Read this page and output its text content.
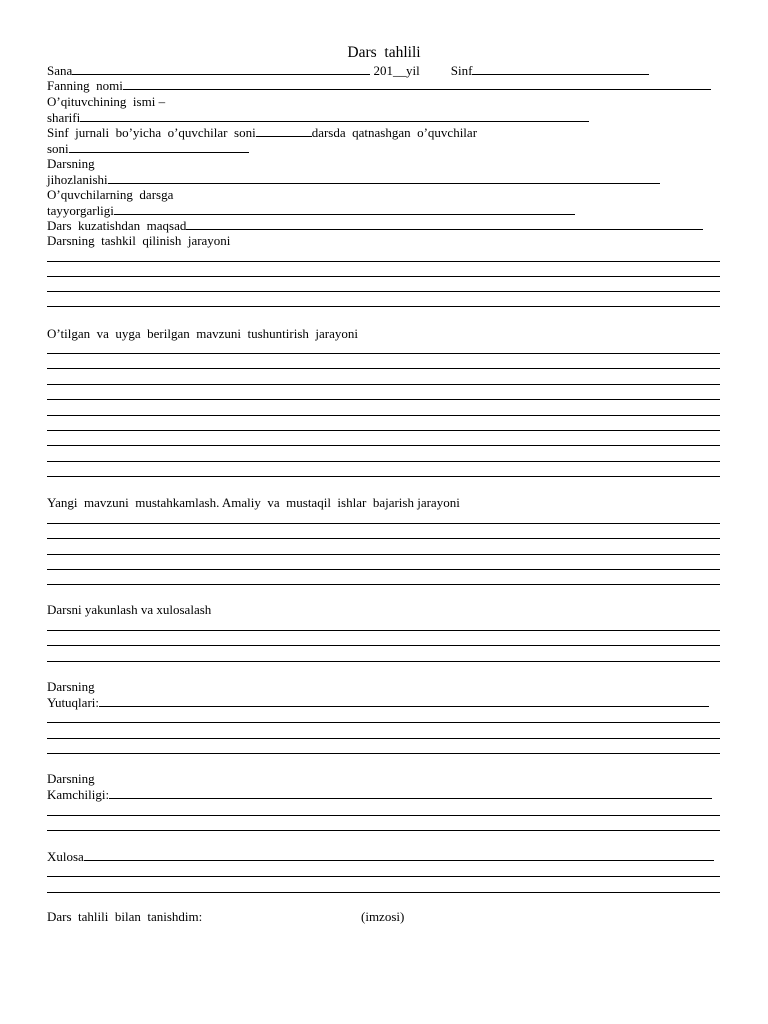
Dars  tahlili
Sana	201__yil Sinf
Fanning  nomi
O’qituvchining  ismi –
sharifi
Sinf  jurnali  bo’yicha  o’quvchilar  soni	darsda  qatnashgan  o’quvchilar
soni
Darsning
jihozlanishi
O’quvchilarning  darsga
tayyorgarligi
Dars  kuzatishdan  maqsad
Darsning  tashkil  qilinish  jarayoni
O’tilgan  va  uyga  berilgan  mavzuni  tushuntirish  jarayoni
Yangi  mavzuni  mustahkamlash. Amaliy  va  mustaqil  ishlar  bajarish jarayoni
Darsni yakunlash va xulosalash
Darsning
Yutuqlari:
Darsning
Kamchiligi:
Xulosa
Dars  tahlili  bilan  tanishdim:	(imzosi)
